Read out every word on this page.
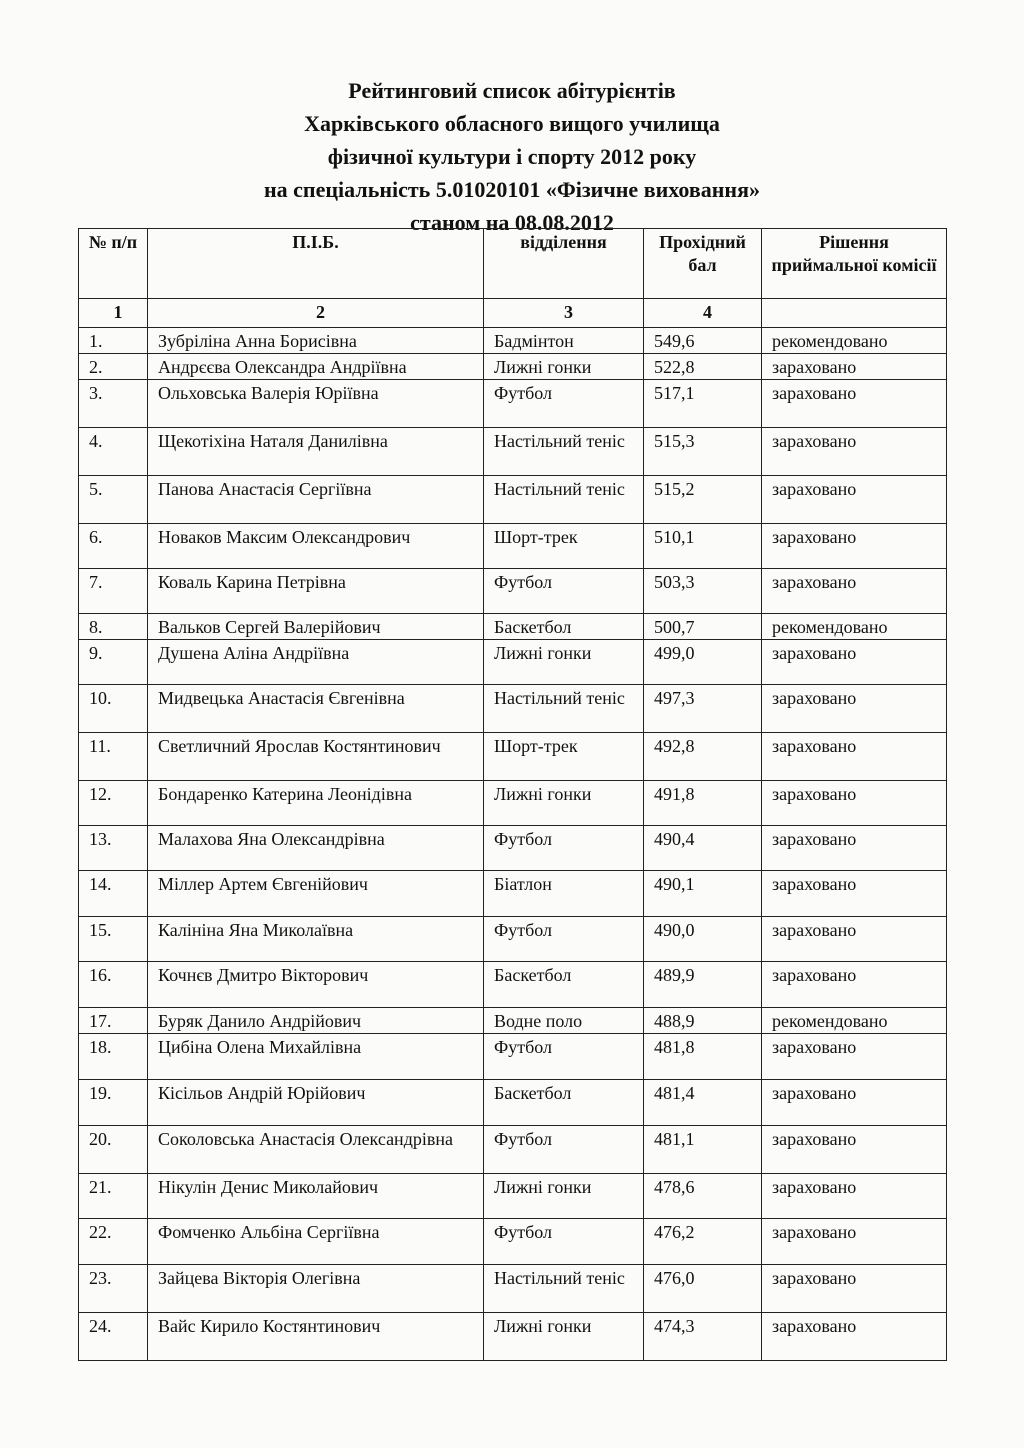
Рейтинговий список абітурієнтів
Харківського обласного вищого училища
фізичної культури і спорту 2012 року
на спеціальність 5.01020101 «Фізичне виховання»
станом на 08.08.2012
№ п/п	П.І.Б.	відділення	Прохідний бал	Рішення приймальної комісії
1	2	3	4	
1.	Зубріліна Анна Борисівна	Бадмінтон	549,6	рекомендовано
2.	Андрєєва Олександра Андріївна	Лижні гонки	522,8	зараховано
3.	Ольховська Валерія Юріївна	Футбол	517,1	зараховано
4.	Щекотіхіна Наталя Данилівна	Настільний теніс	515,3	зараховано
5.	Панова Анастасія Сергіївна	Настільний теніс	515,2	зараховано
6.	Новаков Максим Олександрович	Шорт-трек	510,1	зараховано
7.	Коваль Карина Петрівна	Футбол	503,3	зараховано
8.	Вальков Сергей Валерійович	Баскетбол	500,7	рекомендовано
9.	Душена Аліна Андріївна	Лижні гонки	499,0	зараховано
10.	Мидвецька Анастасія Євгенівна	Настільний теніс	497,3	зараховано
11.	Светличний Ярослав Костянтинович	Шорт-трек	492,8	зараховано
12.	Бондаренко Катерина Леонідівна	Лижні гонки	491,8	зараховано
13.	Малахова Яна Олександрівна	Футбол	490,4	зараховано
14.	Міллер Артем Євгенійович	Біатлон	490,1	зараховано
15.	Калініна Яна Миколаївна	Футбол	490,0	зараховано
16.	Кочнєв Дмитро Вікторович	Баскетбол	489,9	зараховано
17.	Буряк Данило Андрійович	Водне поло	488,9	рекомендовано
18.	Цибіна Олена Михайлівна	Футбол	481,8	зараховано
19.	Кісільов Андрій Юрійович	Баскетбол	481,4	зараховано
20.	Соколовська Анастасія Олександрівна	Футбол	481,1	зараховано
21.	Нікулін Денис Миколайович	Лижні гонки	478,6	зараховано
22.	Фомченко Альбіна Сергіївна	Футбол	476,2	зараховано
23.	Зайцева Вікторія Олегівна	Настільний теніс	476,0	зараховано
24.	Вайс Кирило Костянтинович	Лижні гонки	474,3	зараховано
